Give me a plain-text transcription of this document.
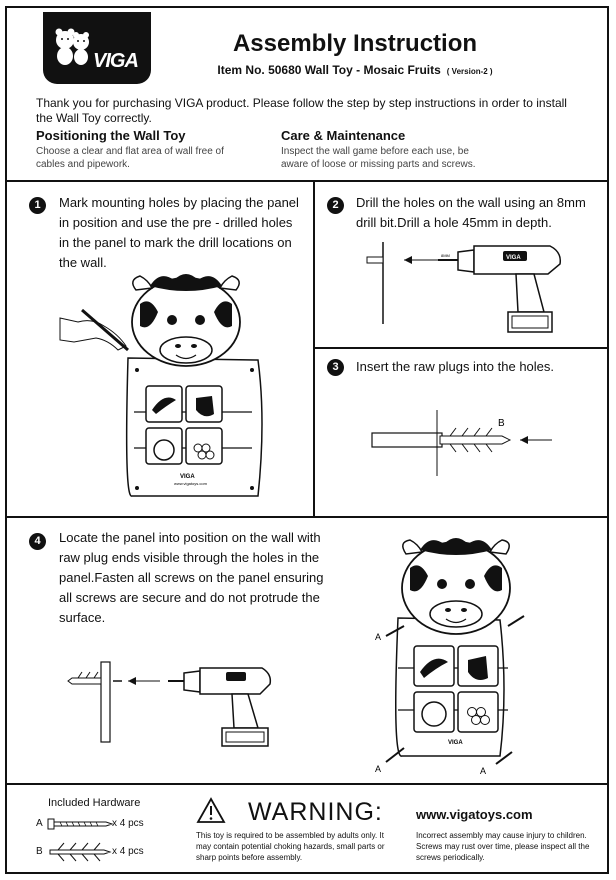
VIGA
Assembly Instruction
Item No. 50680 Wall Toy - Mosaic Fruits ( Version-2 )
Thank you for purchasing VIGA product. Please follow the step by step instructions in order to install the Wall Toy correctly.
Positioning the Wall Toy
Choose a clear and flat area of wall free of cables and pipework.
Care & Maintenance
Inspect the wall game before each use, be aware of loose or missing parts and screws.
1	Mark mounting holes by placing the panel in position and use the pre - drilled holes in the panel to mark the drill locations on the wall.
VIGA
www.vigatoys.com
2	Drill the holes on the wall using an 8mm drill bit.Drill a hole 45mm in depth.
8MM	VIGA
3	Insert the raw plugs into the holes.
B
4	Locate the panel into position on the wall with raw plug ends visible through the holes in the panel.Fasten all screws on the panel ensuring all screws are secure and do not protrude the surface.
VIGA
A
A	A
Included Hardware
A	x 4 pcs
B	x 4 pcs
WARNING:
This toy is required to be assembled by adults only. It may contain potential choking hazards, small parts or sharp points before assembly.
www.vigatoys.com
Incorrect assembly may cause injury to children. Screws may rust over time, please inspect all the screws periodically.
